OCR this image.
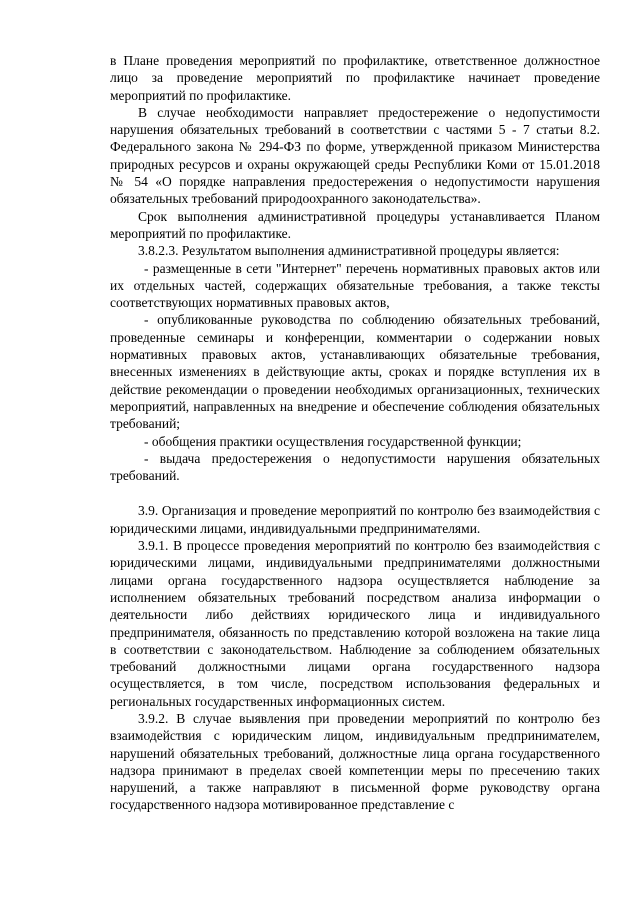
в Плане проведения мероприятий по профилактике, ответственное должностное лицо за проведение мероприятий по профилактике начинает проведение мероприятий по профилактике.

В случае необходимости направляет предостережение о недопустимости нарушения обязательных требований в соответствии с частями 5 - 7 статьи 8.2. Федерального закона № 294-ФЗ по форме, утвержденной приказом Министерства природных ресурсов и охраны окружающей среды Республики Коми от 15.01.2018 № 54 «О порядке направления предостережения о недопустимости нарушения обязательных требований природоохранного законодательства».

Срок выполнения административной процедуры устанавливается Планом мероприятий по профилактике.

3.8.2.3. Результатом выполнения административной процедуры является:

- размещенные в сети "Интернет" перечень нормативных правовых актов или их отдельных частей, содержащих обязательные требования, а также тексты соответствующих нормативных правовых актов,

- опубликованные руководства по соблюдению обязательных требований, проведенные семинары и конференции, комментарии о содержании новых нормативных правовых актов, устанавливающих обязательные требования, внесенных изменениях в действующие акты, сроках и порядке вступления их в действие рекомендации о проведении необходимых организационных, технических мероприятий, направленных на внедрение и обеспечение соблюдения обязательных требований;

- обобщения практики осуществления государственной функции;

- выдача предостережения о недопустимости нарушения обязательных требований.

3.9. Организация и проведение мероприятий по контролю без взаимодействия с юридическими лицами, индивидуальными предпринимателями.

3.9.1. В процессе проведения мероприятий по контролю без взаимодействия с юридическими лицами, индивидуальными предпринимателями должностными лицами органа государственного надзора осуществляется наблюдение за исполнением обязательных требований посредством анализа информации о деятельности либо действиях юридического лица и индивидуального предпринимателя, обязанность по представлению которой возложена на такие лица в соответствии с законодательством. Наблюдение за соблюдением обязательных требований должностными лицами органа государственного надзора осуществляется, в том числе, посредством использования федеральных и региональных государственных информационных систем.

3.9.2. В случае выявления при проведении мероприятий по контролю без взаимодействия с юридическим лицом, индивидуальным предпринимателем, нарушений обязательных требований, должностные лица органа государственного надзора принимают в пределах своей компетенции меры по пресечению таких нарушений, а также направляют в письменной форме руководству органа государственного надзора мотивированное представление с
